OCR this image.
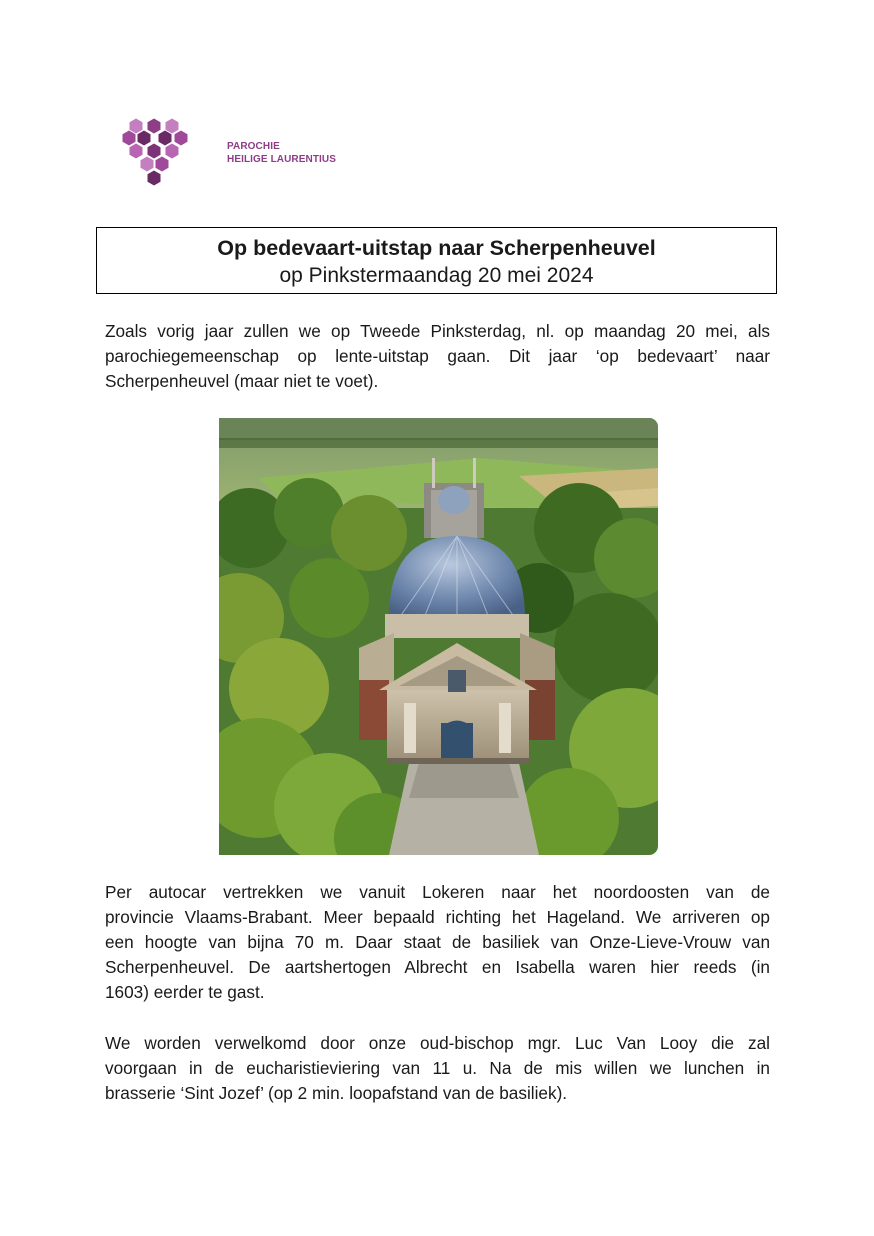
PAROCHIE
HEILIGE LAURENTIUS
Op bedevaart-uitstap naar Scherpenheuvel
op Pinkstermaandag 20 mei 2024
Zoals vorig jaar zullen we op Tweede Pinksterdag, nl. op maandag 20 mei, als
parochiegemeenschap op lente-uitstap gaan. Dit jaar ‘op bedevaart’ naar
Scherpenheuvel (maar niet te voet).
Per autocar vertrekken we vanuit Lokeren naar het noordoosten van de
provincie Vlaams-Brabant. Meer bepaald richting het Hageland. We arriveren op
een hoogte van bijna 70 m. Daar staat de basiliek van Onze-Lieve-Vrouw van
Scherpenheuvel. De aartshertogen Albrecht en Isabella waren hier reeds (in
1603) eerder te gast.
We worden verwelkomd door onze oud-bischop mgr. Luc Van Looy die zal
voorgaan in de eucharistieviering van 11 u. Na de mis willen we lunchen in
brasserie ‘Sint Jozef’ (op 2 min. loopafstand van de basiliek).
